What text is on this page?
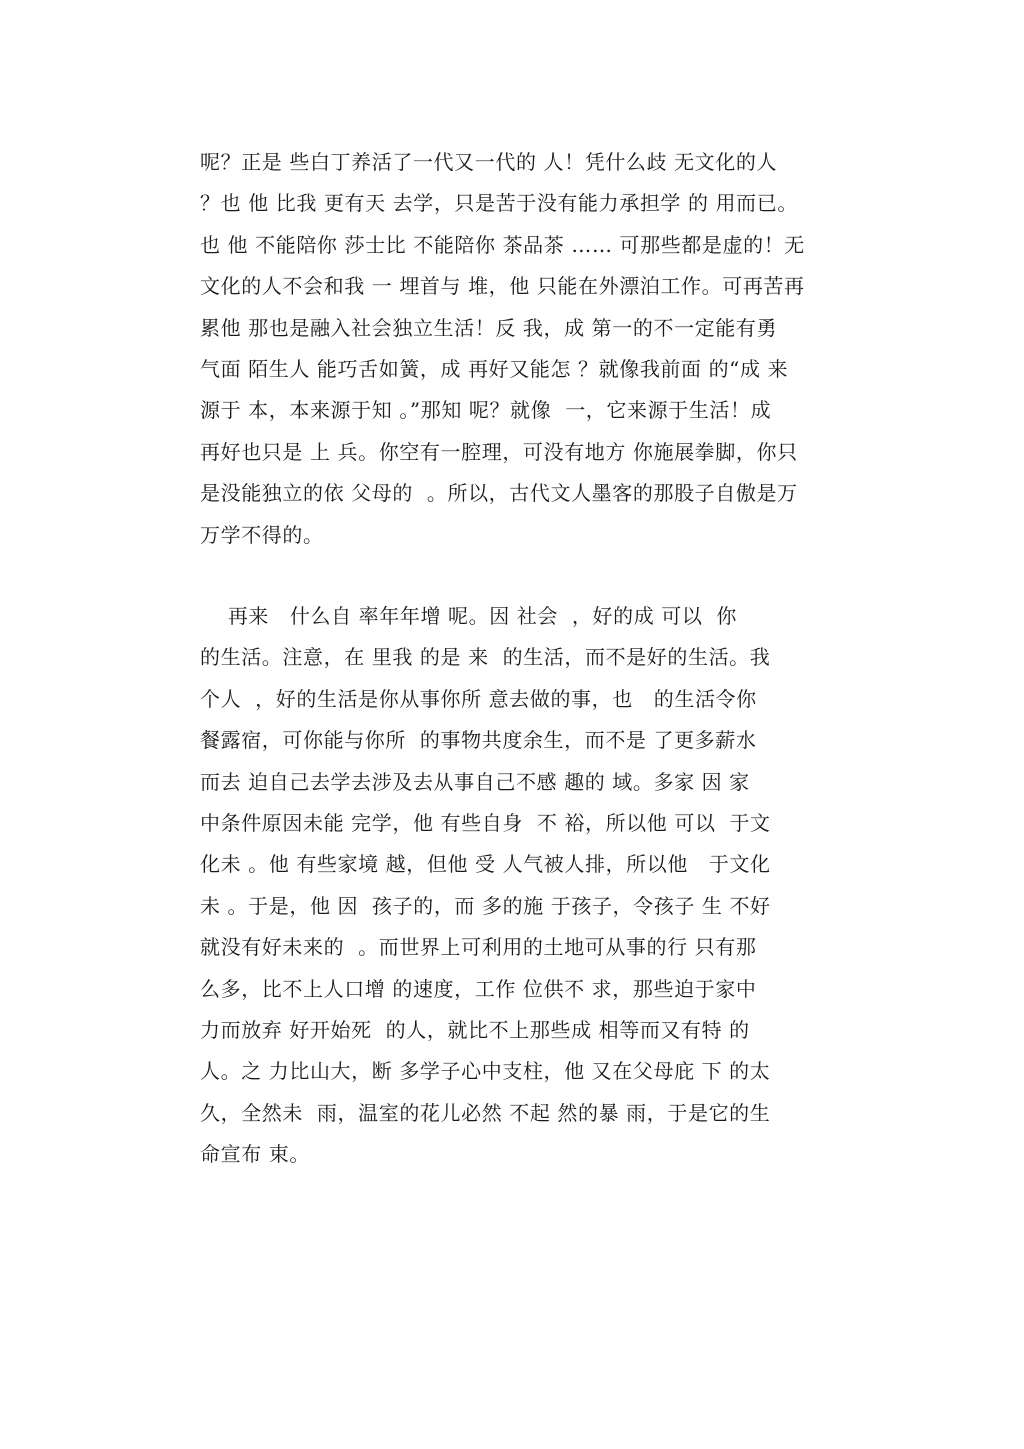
呢？正是 些白丁养活了一代又一代的 人！凭什么歧 无文化的人
？也 他 比我 更有天 去学，只是苦于没有能力承担学 的 用而已。
也 他 不能陪你 莎士比 不能陪你 茶品茶 …… 可那些都是虚的！无
文化的人不会和我 一 埋首与 堆，他 只能在外漂泊工作。可再苦再
累他 那也是融入社会独立生活！反 我，成 第一的不一定能有勇
气面 陌生人 能巧舌如簧，成 再好又能怎 ？就像我前面 的“成 来
源于 本，本来源于知 。”那知 呢？就像  一，它来源于生活！成
再好也只是 上 兵。你空有一腔理，可没有地方 你施展拳脚，你只
是没能独立的依 父母的  。所以，古代文人墨客的那股子自傲是万
万学不得的。
再来   什么自 率年年增 呢。因 社会  ，好的成 可以  你
的生活。注意，在 里我 的是 来  的生活，而不是好的生活。我
个人  ，好的生活是你从事你所 意去做的事，也   的生活令你
餐露宿，可你能与你所  的事物共度余生，而不是 了更多薪水
而去 迫自己去学去涉及去从事自己不感 趣的 域。多家 因 家
中条件原因未能 完学，他 有些自身  不 裕，所以他 可以  于文
化未 。他 有些家境 越，但他 受 人气被人排，所以他   于文化
未 。于是，他 因  孩子的，而 多的施 于孩子，令孩子 生 不好
就没有好未来的  。而世界上可利用的土地可从事的行 只有那
么多，比不上人口增 的速度，工作 位供不 求，那些迫于家中
力而放弃 好开始死  的人，就比不上那些成 相等而又有特 的
人。之 力比山大，断 多学子心中支柱，他 又在父母庇 下 的太
久，全然未  雨，温室的花儿必然 不起 然的暴 雨，于是它的生
命宣布 束。
